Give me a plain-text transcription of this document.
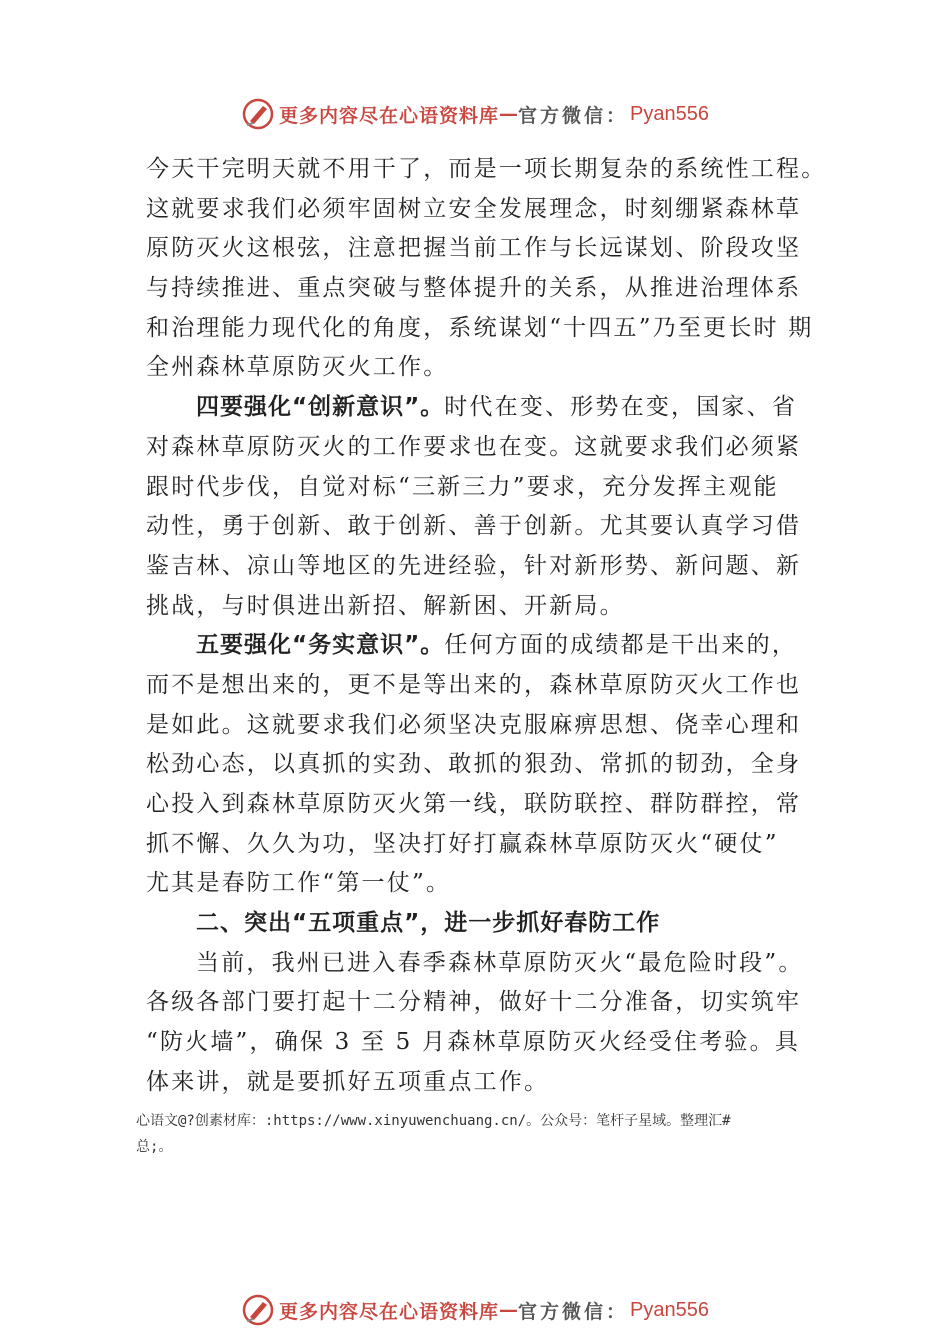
更多内容尽在心语资料库 — 官方微信： Pyan556
今天干完明天就不用干了，而是一项长期复杂的系统性工程。
这就要求我们必须牢固树立安全发展理念，时刻绷紧森林草
原防灭火这根弦，注意把握当前工作与长远谋划、阶段攻坚
与持续推进、重点突破与整体提升的关系，从推进治理体系
和治理能力现代化的角度，系统谋划“十四五”乃至更长时 期
全州森林草原防灭火工作。
四要强化“创新意识”。时代在变、形势在变，国家、省
对森林草原防灭火的工作要求也在变。这就要求我们必须紧
跟时代步伐，自觉对标“三新三力”要求，充分发挥主观能
动性，勇于创新、敢于创新、善于创新。尤其要认真学习借
鉴吉林、凉山等地区的先进经验，针对新形势、新问题、新
挑战，与时俱进出新招、解新困、开新局。
五要强化“务实意识”。任何方面的成绩都是干出来的，
而不是想出来的，更不是等出来的，森林草原防灭火工作也
是如此。这就要求我们必须坚决克服麻痹思想、侥幸心理和
松劲心态，以真抓的实劲、敢抓的狠劲、常抓的韧劲，全身
心投入到森林草原防灭火第一线，联防联控、群防群控，常
抓不懈、久久为功，坚决打好打赢森林草原防灭火“硬仗”
尤其是春防工作“第一仗”。
二、突出“五项重点”，进一步抓好春防工作
当前，我州已进入春季森林草原防灭火“最危险时段”。
各级各部门要打起十二分精神，做好十二分准备，切实筑牢
“防火墙”，确保 3 至 5 月森林草原防灭火经受住考验。具
体来讲，就是要抓好五项重点工作。
心语文@?创素材库：:https://www.xinyuwenchuang.cn/。公众号：笔杆子星域。整理汇#
总;。
更多内容尽在心语资料库 — 官方微信： Pyan556
